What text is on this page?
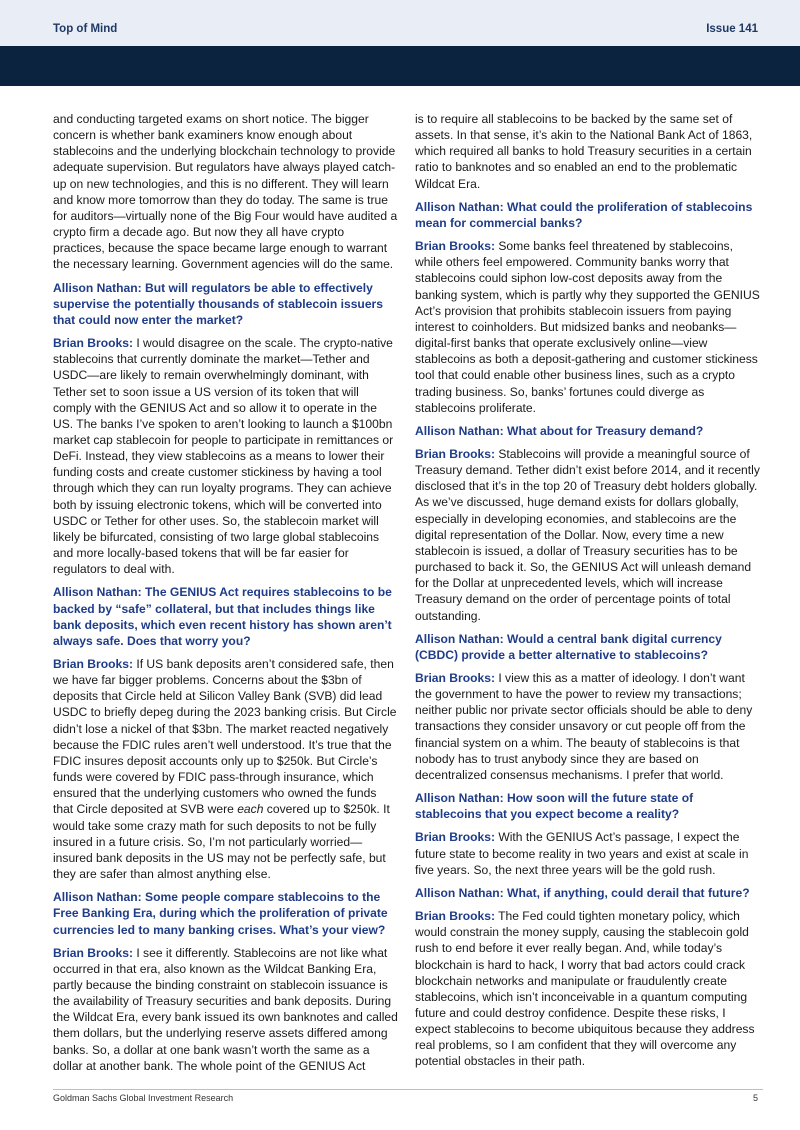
Top of Mind	Issue 141
and conducting targeted exams on short notice. The bigger concern is whether bank examiners know enough about stablecoins and the underlying blockchain technology to provide adequate supervision. But regulators have always played catch-up on new technologies, and this is no different. They will learn and know more tomorrow than they do today. The same is true for auditors—virtually none of the Big Four would have audited a crypto firm a decade ago. But now they all have crypto practices, because the space became large enough to warrant the necessary learning. Government agencies will do the same.
Allison Nathan: But will regulators be able to effectively supervise the potentially thousands of stablecoin issuers that could now enter the market?
Brian Brooks: I would disagree on the scale. The crypto-native stablecoins that currently dominate the market—Tether and USDC—are likely to remain overwhelmingly dominant, with Tether set to soon issue a US version of its token that will comply with the GENIUS Act and so allow it to operate in the US. The banks I’ve spoken to aren’t looking to launch a $100bn market cap stablecoin for people to participate in remittances or DeFi. Instead, they view stablecoins as a means to lower their funding costs and create customer stickiness by having a tool through which they can run loyalty programs. They can achieve both by issuing electronic tokens, which will be converted into USDC or Tether for other uses. So, the stablecoin market will likely be bifurcated, consisting of two large global stablecoins and more locally-based tokens that will be far easier for regulators to deal with.
Allison Nathan: The GENIUS Act requires stablecoins to be backed by “safe” collateral, but that includes things like bank deposits, which even recent history has shown aren’t always safe. Does that worry you?
Brian Brooks: If US bank deposits aren’t considered safe, then we have far bigger problems. Concerns about the $3bn of deposits that Circle held at Silicon Valley Bank (SVB) did lead USDC to briefly depeg during the 2023 banking crisis. But Circle didn’t lose a nickel of that $3bn. The market reacted negatively because the FDIC rules aren’t well understood. It’s true that the FDIC insures deposit accounts only up to $250k. But Circle’s funds were covered by FDIC pass-through insurance, which ensured that the underlying customers who owned the funds that Circle deposited at SVB were each covered up to $250k. It would take some crazy math for such deposits to not be fully insured in a future crisis. So, I’m not particularly worried—insured bank deposits in the US may not be perfectly safe, but they are safer than almost anything else.
Allison Nathan: Some people compare stablecoins to the Free Banking Era, during which the proliferation of private currencies led to many banking crises. What’s your view?
Brian Brooks: I see it differently. Stablecoins are not like what occurred in that era, also known as the Wildcat Banking Era, partly because the binding constraint on stablecoin issuance is the availability of Treasury securities and bank deposits. During the Wildcat Era, every bank issued its own banknotes and called them dollars, but the underlying reserve assets differed among banks. So, a dollar at one bank wasn’t worth the same as a dollar at another bank. The whole point of the GENIUS Act
is to require all stablecoins to be backed by the same set of assets. In that sense, it’s akin to the National Bank Act of 1863, which required all banks to hold Treasury securities in a certain ratio to banknotes and so enabled an end to the problematic Wildcat Era.
Allison Nathan: What could the proliferation of stablecoins mean for commercial banks?
Brian Brooks: Some banks feel threatened by stablecoins, while others feel empowered. Community banks worry that stablecoins could siphon low-cost deposits away from the banking system, which is partly why they supported the GENIUS Act’s provision that prohibits stablecoin issuers from paying interest to coinholders. But midsized banks and neobanks—digital-first banks that operate exclusively online—view stablecoins as both a deposit-gathering and customer stickiness tool that could enable other business lines, such as a crypto trading business. So, banks’ fortunes could diverge as stablecoins proliferate.
Allison Nathan: What about for Treasury demand?
Brian Brooks: Stablecoins will provide a meaningful source of Treasury demand. Tether didn’t exist before 2014, and it recently disclosed that it’s in the top 20 of Treasury debt holders globally. As we’ve discussed, huge demand exists for dollars globally, especially in developing economies, and stablecoins are the digital representation of the Dollar. Now, every time a new stablecoin is issued, a dollar of Treasury securities has to be purchased to back it. So, the GENIUS Act will unleash demand for the Dollar at unprecedented levels, which will increase Treasury demand on the order of percentage points of total outstanding.
Allison Nathan: Would a central bank digital currency (CBDC) provide a better alternative to stablecoins?
Brian Brooks: I view this as a matter of ideology. I don’t want the government to have the power to review my transactions; neither public nor private sector officials should be able to deny transactions they consider unsavory or cut people off from the financial system on a whim. The beauty of stablecoins is that nobody has to trust anybody since they are based on decentralized consensus mechanisms. I prefer that world.
Allison Nathan: How soon will the future state of stablecoins that you expect become a reality?
Brian Brooks: With the GENIUS Act’s passage, I expect the future state to become reality in two years and exist at scale in five years. So, the next three years will be the gold rush.
Allison Nathan: What, if anything, could derail that future?
Brian Brooks: The Fed could tighten monetary policy, which would constrain the money supply, causing the stablecoin gold rush to end before it ever really began. And, while today’s blockchain is hard to hack, I worry that bad actors could crack blockchain networks and manipulate or fraudulently create stablecoins, which isn’t inconceivable in a quantum computing future and could destroy confidence. Despite these risks, I expect stablecoins to become ubiquitous because they address real problems, so I am confident that they will overcome any potential obstacles in their path.
Goldman Sachs Global Investment Research	5
